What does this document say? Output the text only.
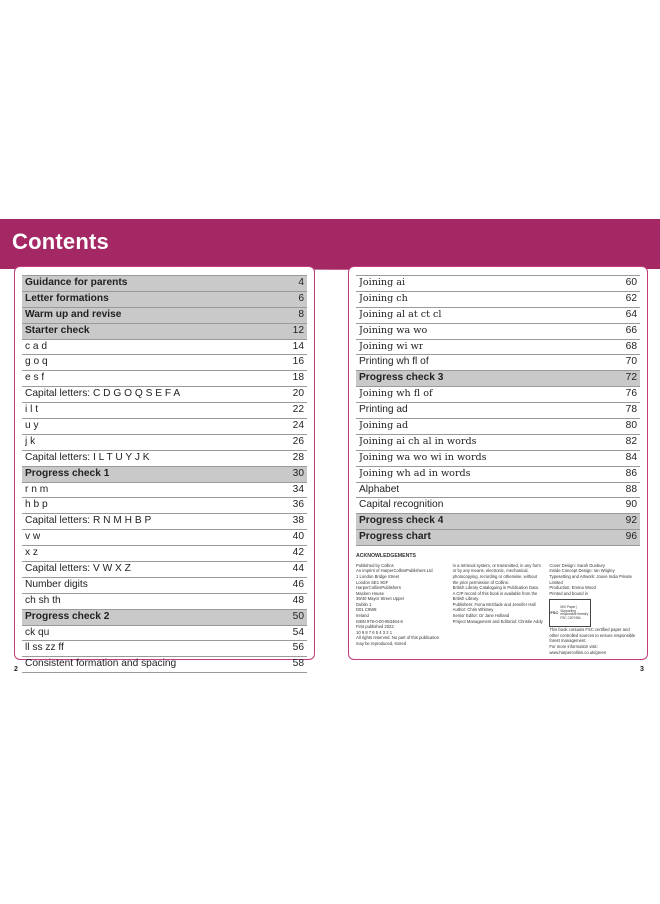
Contents
Guidance for parents	4
Letter formations	6
Warm up and revise	8
Starter check	12
c a d	14
g o q	16
e s f	18
Capital letters: C D G O Q S E F A	20
i l t	22
u y	24
j k	26
Capital letters: I L T U Y J K	28
Progress check 1	30
r n m	34
h b p	36
Capital letters: R N M H B P	38
v w	40
x z	42
Capital letters: V W X Z	44
Number digits	46
ch sh th	48
Progress check 2	50
ck qu	54
ll ss zz ff	56
Consistent formation and spacing	58
Joining ai	60
Joining ch	62
Joining al at ct cl	64
Joining wa wo	66
Joining wi wr	68
Printing wh fl of	70
Progress check 3	72
Joining wh fl of	76
Printing ad	78
Joining ad	80
Joining ai ch al in words	82
Joining wa wo wi in words	84
Joining wh ad in words	86
Alphabet	88
Capital recognition	90
Progress check 4	92
Progress chart	96
ACKNOWLEDGEMENTS

Published by Collins

An imprint of HarperCollinsPublishers Ltd

1 London Bridge Street

London SE1 9GF

HarperCollinsPublishers

Macken House

39/40 Mayor Street Upper

Dublin 1

D01 C9W8

Ireland

ISBN 978-0-00-853464-6

First published 2022

10 9 8 7 6 5 4 3 2 1

All rights reserved. No part of this publication may be reproduced, stored

in a retrieval system, or transmitted, in any form or by any means, electronic, mechanical, photocopying, recording or otherwise, without the prior permission of Collins.

British Library Cataloguing in Publication Data.

A CIP record of this book is available from the British Library.

Publishers: Fiona McGlade and Jennifer Hall

Author: Chris Whitney

Senior Editor: Dr Jane Holland

Project Management and Editorial: Christie Addy

Cover Design: Sarah Duxbury

Inside Concept Design: Ian Wrigley

Typesetting and Artwork: Jouve India Private Limited

Production: Emma Wood

Printed and bound in

FSC
MIX Paper | Supporting responsible forestry FSC C007454

This book contains FSC certified paper and other controlled sources to ensure responsible forest management.

For more information visit: www.harpercollins.co.uk/green

2	3
